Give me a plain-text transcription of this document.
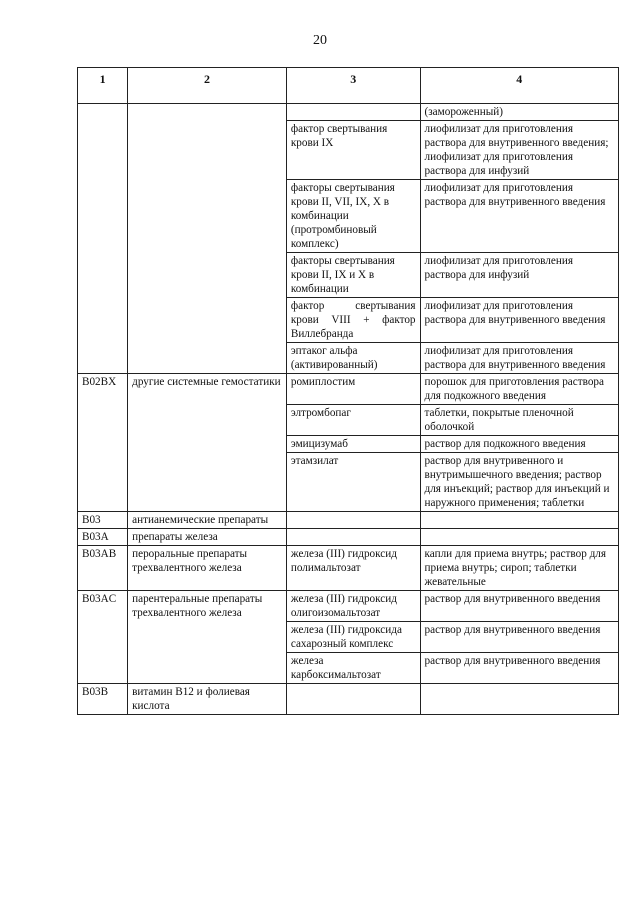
20
1	2	3	4
			(замороженный)
		фактор свертывания крови IX	лиофилизат для приготовления раствора для внутривенного введения; лиофилизат для приготовления раствора для инфузий
		факторы свертывания крови II, VII, IX, X в комбинации (протромбиновый комплекс)	лиофилизат для приготовления раствора для внутривенного введения
		факторы свертывания крови II, IX и X в комбинации	лиофилизат для приготовления раствора для инфузий
		фактор свертывания крови VIII + фактор Виллебранда	лиофилизат для приготовления раствора для внутривенного введения
		эптаког альфа (активированный)	лиофилизат для приготовления раствора для внутривенного введения
B02BX	другие системные гемостатики	ромиплостим	порошок для приготовления раствора для подкожного введения
		элтромбопаг	таблетки, покрытые пленочной оболочкой
		эмицизумаб	раствор для подкожного введения
		этамзилат	раствор для внутривенного и внутримышечного введения; раствор для инъекций; раствор для инъекций и наружного применения; таблетки
B03	антианемические препараты		
B03A	препараты железа		
B03AB	пероральные препараты трехвалентного железа	железа (III) гидроксид полимальтозат	капли для приема внутрь; раствор для приема внутрь; сироп; таблетки жевательные
B03AC	парентеральные препараты трехвалентного железа	железа (III) гидроксид олигоизомальтозат	раствор для внутривенного введения
		железа (III) гидроксида сахарозный комплекс	раствор для внутривенного введения
		железа карбоксимальтозат	раствор для внутривенного введения
B03B	витамин B12 и фолиевая кислота		
